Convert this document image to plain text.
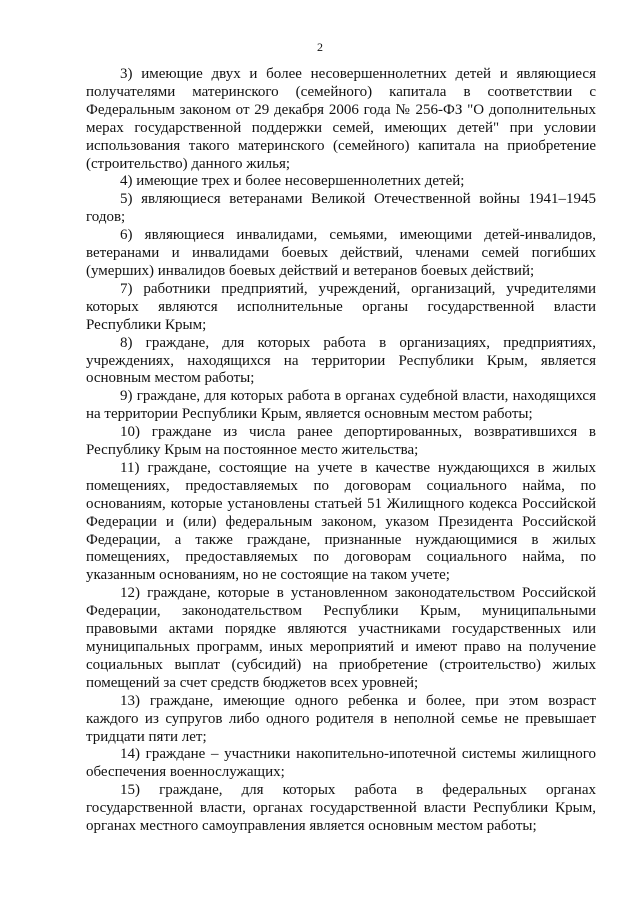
2

3) имеющие двух и более несовершеннолетних детей и являющиеся получателями материнского (семейного) капитала в соответствии с Федеральным законом от 29 декабря 2006 года № 256-ФЗ "О дополнительных мерах государственной поддержки семей, имеющих детей" при условии использования такого материнского (семейного) капитала на приобретение (строительство) данного жилья;

4) имеющие трех и более несовершеннолетних детей;

5) являющиеся ветеранами Великой Отечественной войны 1941–1945 годов;

6) являющиеся инвалидами, семьями, имеющими детей-инвалидов, ветеранами и инвалидами боевых действий, членами семей погибших (умерших) инвалидов боевых действий и ветеранов боевых действий;

7) работники предприятий, учреждений, организаций, учредителями которых являются исполнительные органы государственной власти Республики Крым;

8) граждане, для которых работа в организациях, предприятиях, учреждениях, находящихся на территории Республики Крым, является основным местом работы;

9) граждане, для которых работа в органах судебной власти, находящихся на территории Республики Крым, является основным местом работы;

10) граждане из числа ранее депортированных, возвратившихся в Республику Крым на постоянное место жительства;

11) граждане, состоящие на учете в качестве нуждающихся в жилых помещениях, предоставляемых по договорам социального найма, по основаниям, которые установлены статьей 51 Жилищного кодекса Российской Федерации и (или) федеральным законом, указом Президента Российской Федерации, а также граждане, признанные нуждающимися в жилых помещениях, предоставляемых по договорам социального найма, по указанным основаниям, но не состоящие на таком учете;

12) граждане, которые в установленном законодательством Российской Федерации, законодательством Республики Крым, муниципальными правовыми актами порядке являются участниками государственных или муниципальных программ, иных мероприятий и имеют право на получение социальных выплат (субсидий) на приобретение (строительство) жилых помещений за счет средств бюджетов всех уровней;

13) граждане, имеющие одного ребенка и более, при этом возраст каждого из супругов либо одного родителя в неполной семье не превышает тридцати пяти лет;

14) граждане – участники накопительно-ипотечной системы жилищного обеспечения военнослужащих;

15) граждане, для которых работа в федеральных органах государственной власти, органах государственной власти Республики Крым, органах местного самоуправления является основным местом работы;
